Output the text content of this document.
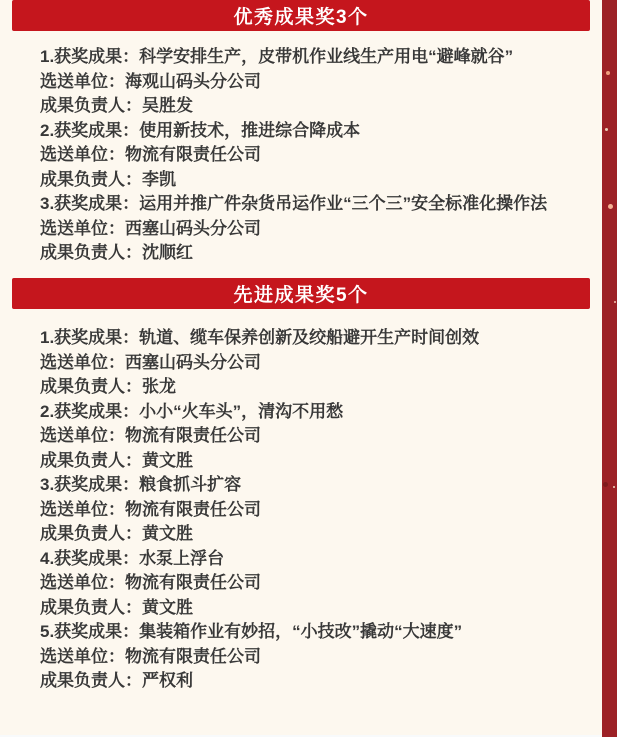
优秀成果奖3个
1.获奖成果：科学安排生产，皮带机作业线生产用电“避峰就谷”
选送单位：海观山码头分公司
成果负责人：吴胜发
2.获奖成果：使用新技术，推进综合降成本
选送单位：物流有限责任公司
成果负责人：李凯
3.获奖成果：运用并推广件杂货吊运作业“三个三”安全标准化操作法
选送单位：西塞山码头分公司
成果负责人：沈顺红
先进成果奖5个
1.获奖成果：轨道、缆车保养创新及绞船避开生产时间创效
选送单位：西塞山码头分公司
成果负责人：张龙
2.获奖成果：小小“火车头”，清沟不用愁
选送单位：物流有限责任公司
成果负责人：黄文胜
3.获奖成果：粮食抓斗扩容
选送单位：物流有限责任公司
成果负责人：黄文胜
4.获奖成果：水泵上浮台
选送单位：物流有限责任公司
成果负责人：黄文胜
5.获奖成果：集装箱作业有妙招，“小技改”撬动“大速度”
选送单位：物流有限责任公司
成果负责人：严权利
